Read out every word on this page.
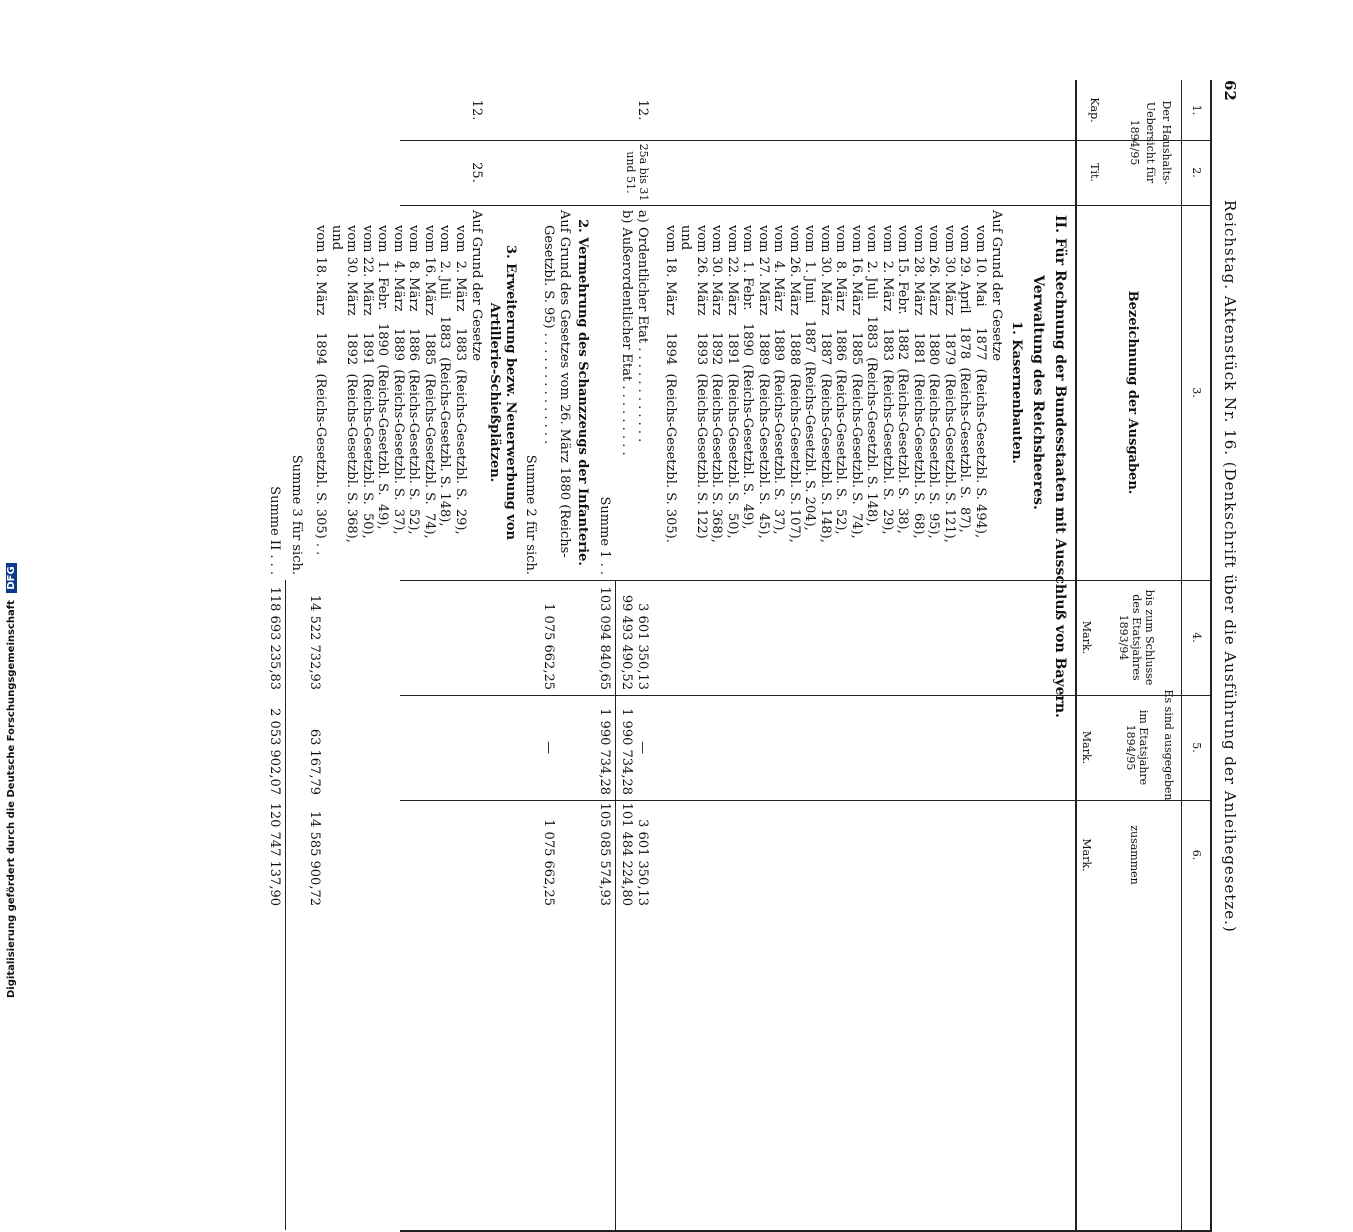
62
Reichstag. Aktenstück Nr. 16. (Denkschrift über die Ausführung der Anleihegesetze.)
1.
2.
3.
4.
5.
6.
Der Haushalts-Uebersicht für 1894/95
Kap.
Tit.
Bezeichnung der Ausgaben.
Es sind ausgegeben
bis zum Schlusse des Etatsjahres 1893/94
im Etatsjahre 1894/95
zusammen
Mark.
Mark.
Mark.
II. Für Rechnung der Bundesstaaten mit Ausschluß von Bayern.
Verwaltung des Reichsheeres.
1. Kasernenbauten.
Auf Grund der Gesetze
vom 10. Mai     1877  (Reichs-Gesetzbl. S. 494),
vom 29. April   1878  (Reichs-Gesetzbl. S.  87),
vom 30. März    1879  (Reichs-Gesetzbl. S. 121),
vom 26. März    1880  (Reichs-Gesetzbl. S.  95),
vom 28. März    1881  (Reichs-Gesetzbl. S.  68),
vom 15. Febr.   1882  (Reichs-Gesetzbl. S.  38),
vom  2. März    1883  (Reichs-Gesetzbl. S.  29),
vom  2. Juli    1883  (Reichs-Gesetzbl. S. 148),
vom 16. März    1885  (Reichs-Gesetzbl. S.  74),
vom  8. März    1886  (Reichs-Gesetzbl. S.  52),
vom 30. März    1887  (Reichs-Gesetzbl. S. 148),
vom  1. Juni    1887  (Reichs-Gesetzbl. S. 204),
vom 26. März    1888  (Reichs-Gesetzbl. S. 107),
vom  4. März    1889  (Reichs-Gesetzbl. S.  37),
vom 27. März    1889  (Reichs-Gesetzbl. S.  45),
vom  1. Febr.   1890  (Reichs-Gesetzbl. S.  49),
vom 22. März    1891  (Reichs-Gesetzbl. S.  50),
vom 30. März    1892  (Reichs-Gesetzbl. S. 368),
vom 26. März    1893  (Reichs-Gesetzbl. S. 122)
und
vom 18. März    1894  (Reichs-Gesetzbl. S. 305).
12.
25a bis 31 und 51.
a) Ordentlicher Etat . . . . . . . . . . . .
3 601 350,13
—
3 601 350,13
b) Außerordentlicher Etat . . . . . . . . .
99 493 490,52
1 990 734,28
101 484 224,80
Summe 1 . .
103 094 840,65
1 990 734,28
105 085 574,93
2. Vermehrung des Schanzzeugs der Infanterie.
Auf Grund des Gesetzes vom 26. März 1880 (Reichs-
Gesetzbl. S. 95) . . . . . . . . . . . . . .
1 075 662,25
—
1 075 662,25
Summe 2 für sich.
3. Erweiterung bezw. Neuerwerbung von
Artillerie-Schießplätzen.
12.
25.
Auf Grund der Gesetze
vom  2. März    1883  (Reichs-Gesetzbl. S.  29),
vom  2. Juli    1883  (Reichs-Gesetzbl. S. 148),
vom 16. März    1885  (Reichs-Gesetzbl. S.  74),
vom  8. März    1886  (Reichs-Gesetzbl. S.  52),
vom  4. März    1889  (Reichs-Gesetzbl. S.  37),
vom  1. Febr.   1890  (Reichs-Gesetzbl. S.  49),
vom 22. März    1891  (Reichs-Gesetzbl. S.  50),
vom 30. März    1892  (Reichs-Gesetzbl. S. 368),
und
vom 18. März    1894  (Reichs-Gesetzbl. S. 305) . .
14 522 732,93
63 167,79
14 585 900,72
Summe 3 für sich.
Summe II . . .
118 693 235,83
2 053 902,07
120 747 137,90
Digitalisierung gefördert durch die Deutsche Forschungsgemeinschaft DFG
